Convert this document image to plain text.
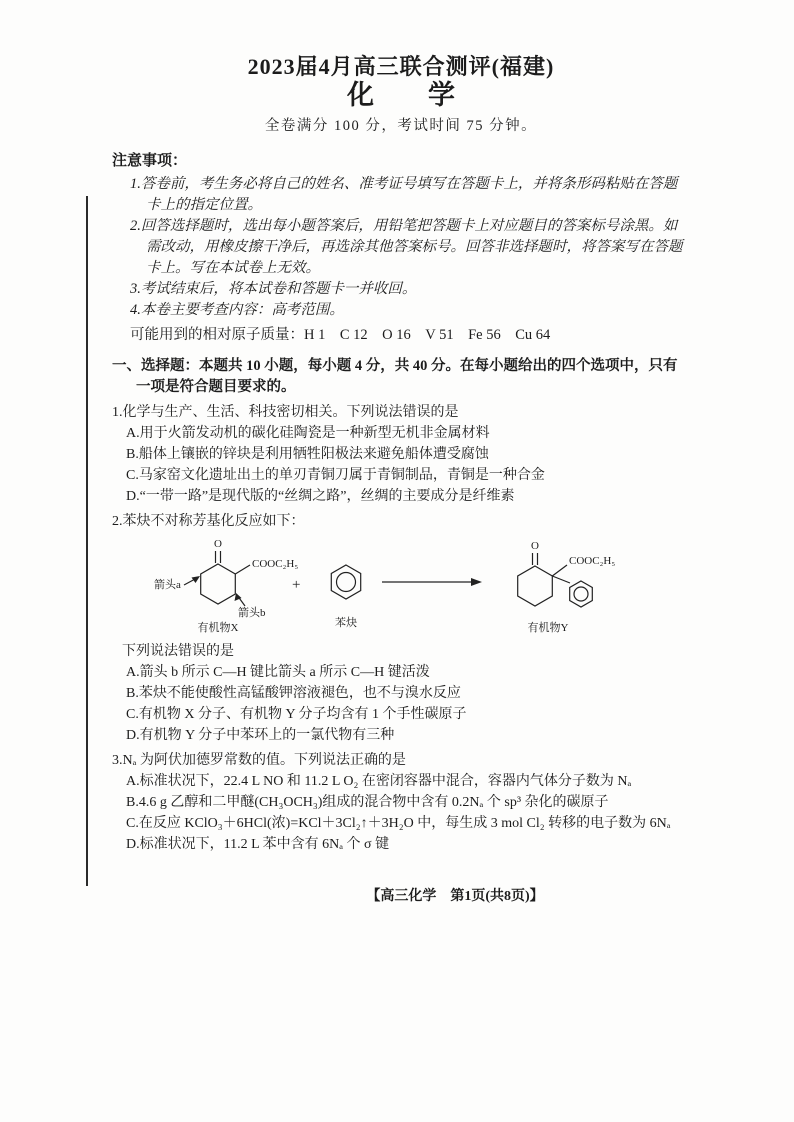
2023届4月高三联合测评(福建)
化　　学
全卷满分 100 分，考试时间 75 分钟。
注意事项：
1.答卷前，考生务必将自己的姓名、准考证号填写在答题卡上，并将条形码粘贴在答题卡上的指定位置。
2.回答选择题时，选出每小题答案后，用铅笔把答题卡上对应题目的答案标号涂黑。如需改动，用橡皮擦干净后，再选涂其他答案标号。回答非选择题时，将答案写在答题卡上。写在本试卷上无效。
3.考试结束后，将本试卷和答题卡一并收回。
4.本卷主要考查内容：高考范围。
可能用到的相对原子质量：H 1　C 12　O 16　V 51　Fe 56　Cu 64
一、选择题：本题共 10 小题，每小题 4 分，共 40 分。在每小题给出的四个选项中，只有一项是符合题目要求的。
1.化学与生产、生活、科技密切相关。下列说法错误的是
A.用于火箭发动机的碳化硅陶瓷是一种新型无机非金属材料
B.船体上镶嵌的锌块是利用牺牲阳极法来避免船体遭受腐蚀
C.马家窑文化遗址出土的单刃青铜刀属于青铜制品，青铜是一种合金
D.“一带一路”是现代版的“丝绸之路”，丝绸的主要成分是纤维素
2.苯炔不对称芳基化反应如下：
O
COOC₂H₅
箭头a
箭头b
有机物X
+
苯炔
O
COOC₂H₅
有机物Y
下列说法错误的是
A.箭头 b 所示 C—H 键比箭头 a 所示 C—H 键活泼
B.苯炔不能使酸性高锰酸钾溶液褪色，也不与溴水反应
C.有机物 X 分子、有机物 Y 分子均含有 1 个手性碳原子
D.有机物 Y 分子中苯环上的一氯代物有三种
3.Nₐ 为阿伏加德罗常数的值。下列说法正确的是
A.标准状况下，22.4 L NO 和 11.2 L O₂ 在密闭容器中混合，容器内气体分子数为 Nₐ
B.4.6 g 乙醇和二甲醚(CH₃OCH₃)组成的混合物中含有 0.2Nₐ 个 sp³ 杂化的碳原子
C.在反应 KClO₃＋6HCl(浓)=KCl＋3Cl₂↑＋3H₂O 中，每生成 3 mol Cl₂ 转移的电子数为 6Nₐ
D.标准状况下，11.2 L 苯中含有 6Nₐ 个 σ 键
【高三化学　第1页(共8页)】
